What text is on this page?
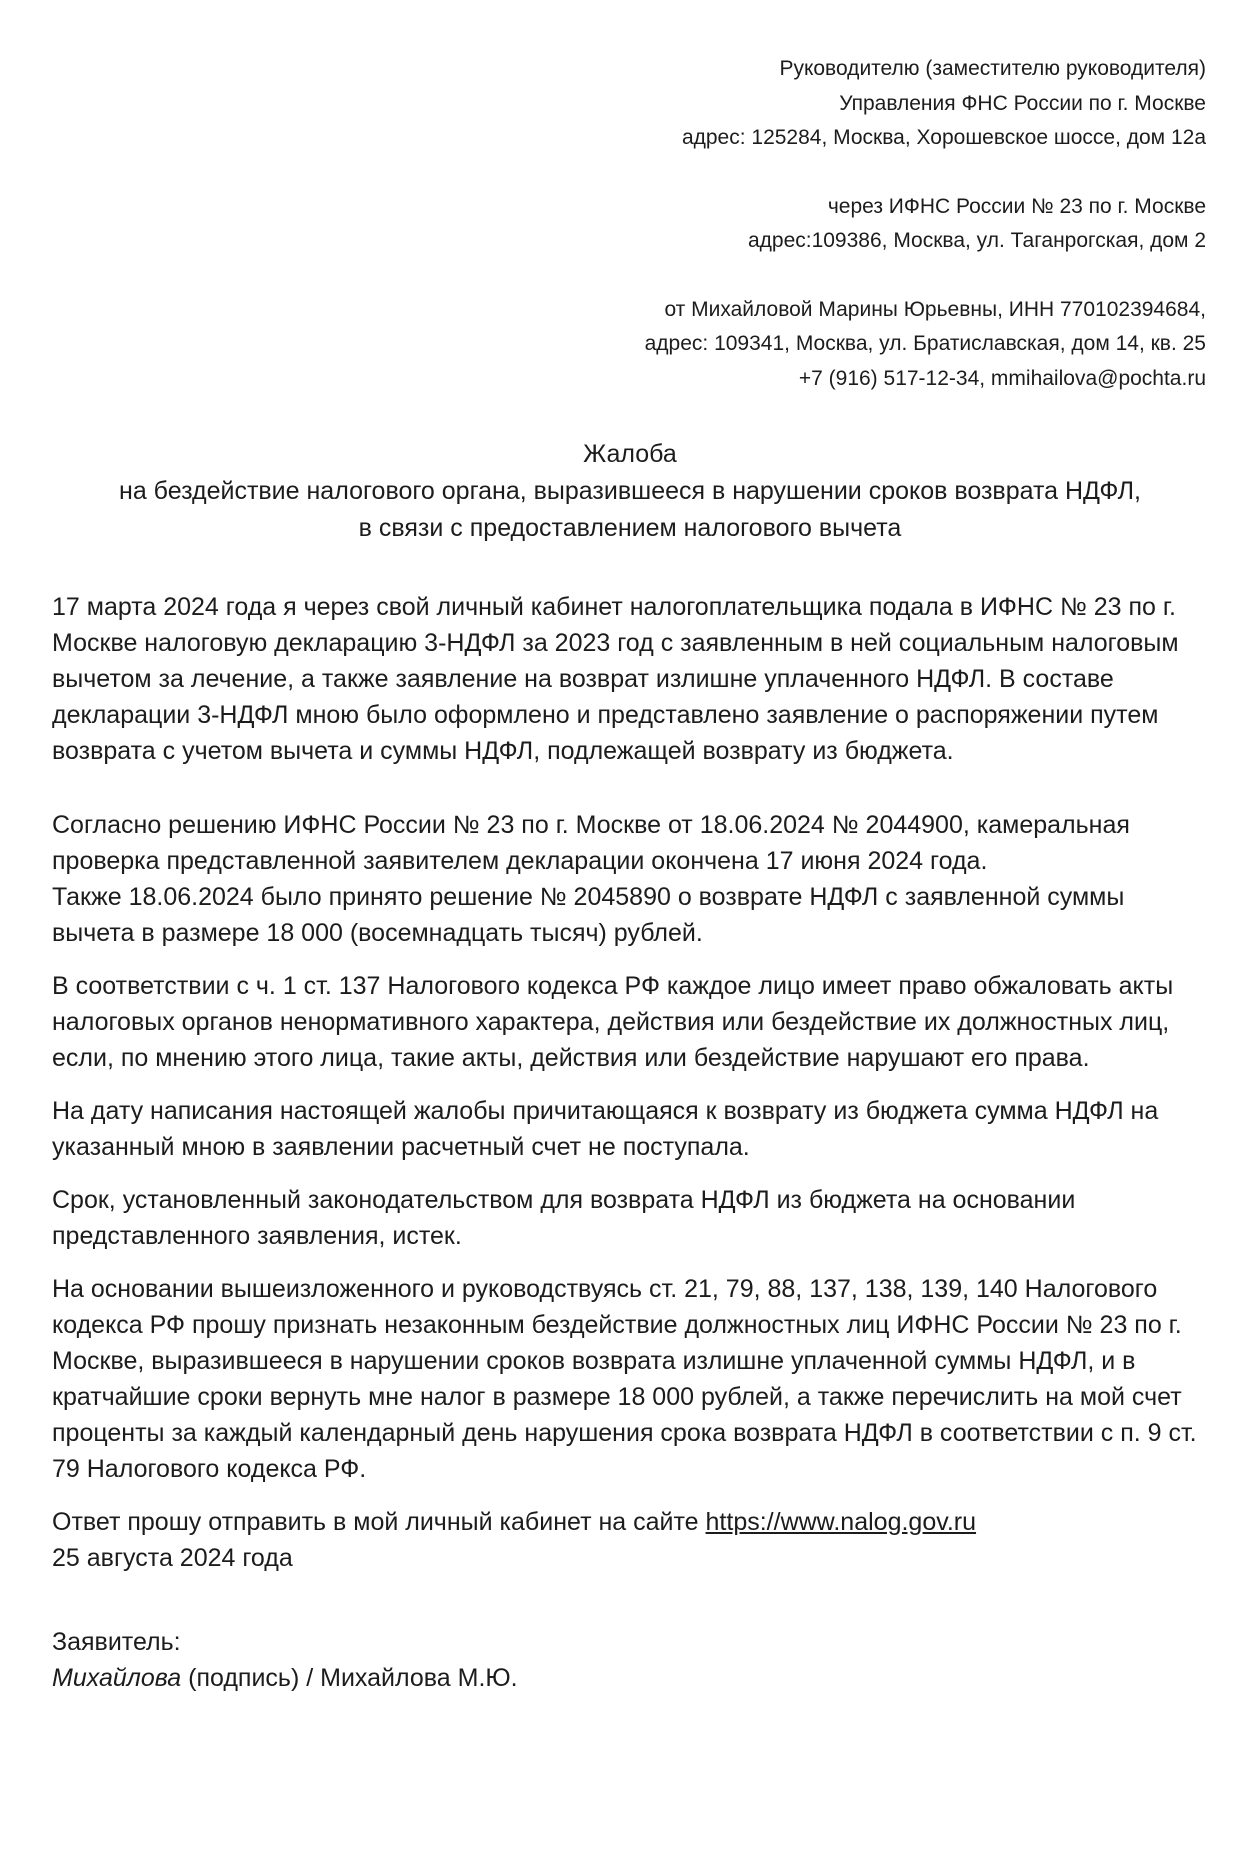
Руководителю (заместителю руководителя)
Управления ФНС России по г. Москве
адрес: 125284, Москва, Хорошевское шоссе, дом 12а
через ИФНС России № 23 по г. Москве
адрес:109386, Москва, ул. Таганрогская, дом 2
от Михайловой Марины Юрьевны, ИНН 770102394684,
адрес: 109341, Москва, ул. Братиславская, дом 14, кв. 25
+7 (916) 517-12-34, mmihailova@pochta.ru
Жалоба
на бездействие налогового органа, выразившееся в нарушении сроков возврата НДФЛ,
в связи с предоставлением налогового вычета

17 марта 2024 года я через свой личный кабинет налогоплательщика подала в ИФНС № 23 по г. Москве налоговую декларацию 3-НДФЛ за 2023 год с заявленным в ней социальным налоговым вычетом за лечение, а также заявление на возврат излишне уплаченного НДФЛ. В составе декларации 3-НДФЛ мною было оформлено и представлено заявление о распоряжении путем возврата с учетом вычета и суммы НДФЛ, подлежащей возврату из бюджета.

Согласно решению ИФНС России № 23 по г. Москве от 18.06.2024 № 2044900, камеральная проверка представленной заявителем декларации окончена 17 июня 2024 года.

Также 18.06.2024 было принято решение № 2045890 о возврате НДФЛ с заявленной суммы вычета в размере 18 000 (восемнадцать тысяч) рублей.

В соответствии с ч. 1 ст. 137 Налогового кодекса РФ каждое лицо имеет право обжаловать акты налоговых органов ненормативного характера, действия или бездействие их должностных лиц, если, по мнению этого лица, такие акты, действия или бездействие нарушают его права.

На дату написания настоящей жалобы причитающаяся к возврату из бюджета сумма НДФЛ на указанный мною в заявлении расчетный счет не поступала.

Срок, установленный законодательством для возврата НДФЛ из бюджета на основании представленного заявления, истек.

На основании вышеизложенного и руководствуясь ст. 21, 79, 88, 137, 138, 139, 140 Налогового кодекса РФ прошу признать незаконным бездействие должностных лиц ИФНС России № 23 по г. Москве, выразившееся в нарушении сроков возврата излишне уплаченной суммы НДФЛ, и в кратчайшие сроки вернуть мне налог в размере 18 000 рублей, а также перечислить на мой счет проценты за каждый календарный день нарушения срока возврата НДФЛ в соответствии с п. 9 ст. 79 Налогового кодекса РФ.

Ответ прошу отправить в мой личный кабинет на сайте https://www.nalog.gov.ru

25 августа 2024 года

Заявитель:

Михайлова (подпись) / Михайлова М.Ю.
